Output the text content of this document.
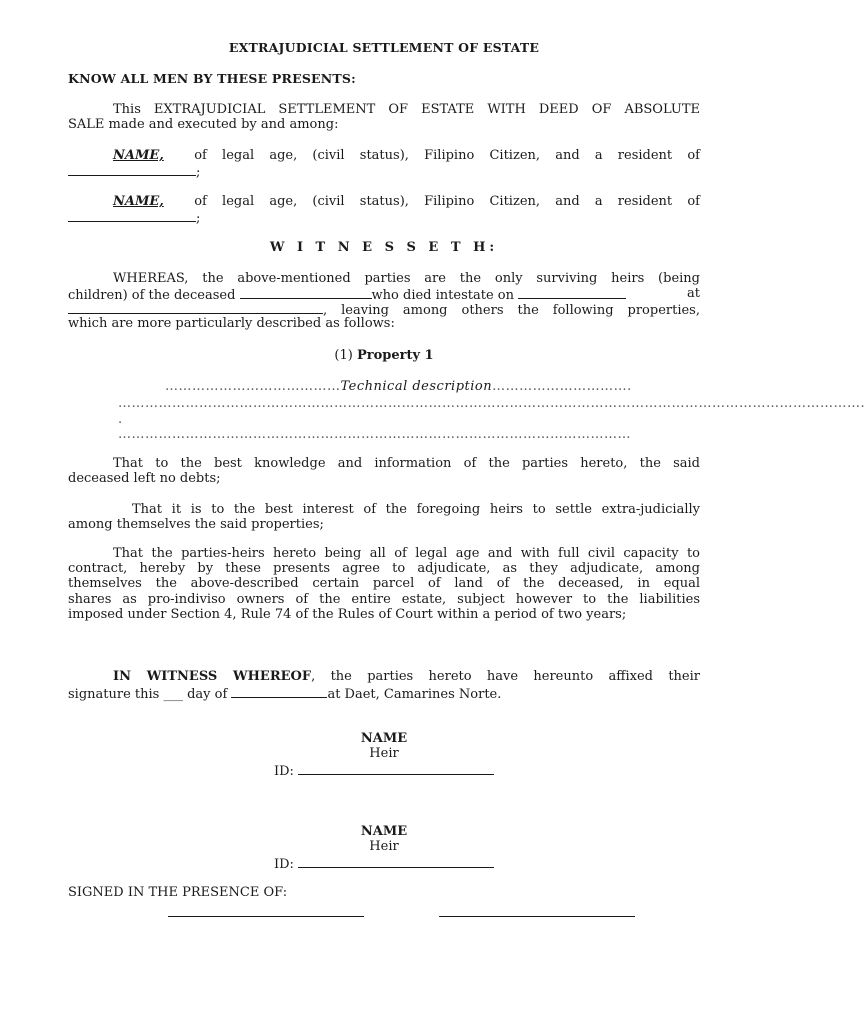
EXTRAJUDICIAL SETTLEMENT OF ESTATE
KNOW ALL MEN BY THESE PRESENTS:
This EXTRAJUDICIAL SETTLEMENT OF ESTATE WITH DEED OF ABSOLUTE
SALE made and executed by and among:
NAME, of legal age, (civil status), Filipino Citizen, and a resident of
;
NAME, of legal age, (civil status), Filipino Citizen, and a resident of
;
W I T N E S S E T H:
WHEREAS, the above-mentioned parties are the only surviving heirs (being
children) of the deceased	who died intestate on	at
, leaving among others the following properties,
which are more particularly described as follows:
(1) Property 1
…………………………………Technical description………………………….
………………………………………………………………………………………………………………………………………………….
.
……………………………………………………………………………………………………
That to the best knowledge and information of the parties hereto, the said
deceased left no debts;
That it is to the best interest of the foregoing heirs to settle extra-judicially
among themselves the said properties;
That the parties-heirs hereto being all of legal age and with full civil capacity to
contract, hereby by these presents agree to adjudicate, as they adjudicate, among
themselves the above-described certain parcel of land of the deceased, in equal
shares as pro-indiviso owners of the entire estate, subject however to the liabilities
imposed under Section 4, Rule 74 of the Rules of Court within a period of two years;
IN WITNESS WHEREOF, the parties hereto have hereunto affixed their
signature this ___ day of	at Daet, Camarines Norte.
NAME
Heir
ID:
NAME
Heir
ID:
SIGNED IN THE PRESENCE OF:
